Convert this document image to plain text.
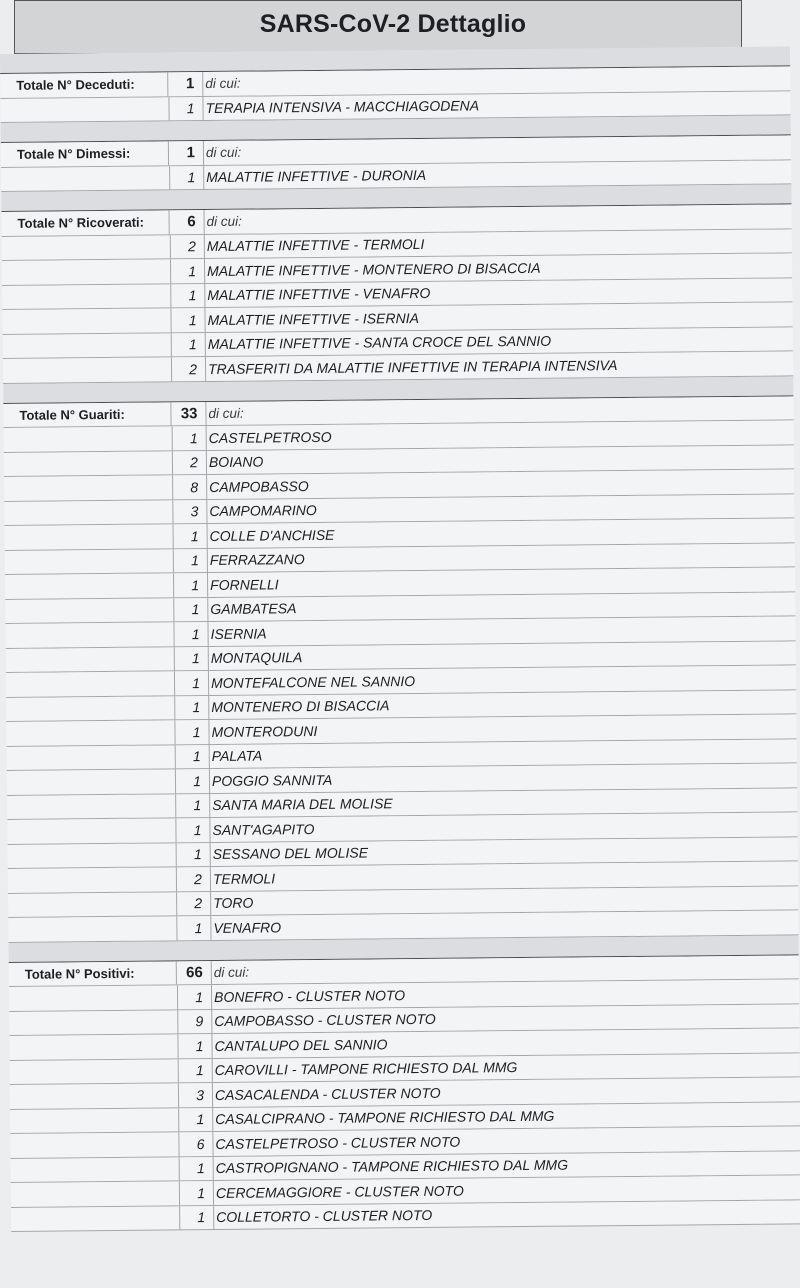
SARS-CoV-2 Dettaglio
Totale N° Deceduti:	1 di cui:
1 TERAPIA INTENSIVA - MACCHIAGODENA
Totale N° Dimessi:	1 di cui:
1 MALATTIE INFETTIVE - DURONIA
Totale N° Ricoverati:	6 di cui:
2 MALATTIE INFETTIVE - TERMOLI
1 MALATTIE INFETTIVE - MONTENERO DI BISACCIA
1 MALATTIE INFETTIVE - VENAFRO
1 MALATTIE INFETTIVE - ISERNIA
1 MALATTIE INFETTIVE - SANTA CROCE DEL SANNIO
2 TRASFERITI DA MALATTIE INFETTIVE IN TERAPIA INTENSIVA
Totale N° Guariti:	33 di cui:
1 CASTELPETROSO
2 BOIANO
8 CAMPOBASSO
3 CAMPOMARINO
1 COLLE D'ANCHISE
1 FERRAZZANO
1 FORNELLI
1 GAMBATESA
1 ISERNIA
1 MONTAQUILA
1 MONTEFALCONE NEL SANNIO
1 MONTENERO DI BISACCIA
1 MONTERODUNI
1 PALATA
1 POGGIO SANNITA
1 SANTA MARIA DEL MOLISE
1 SANT'AGAPITO
1 SESSANO DEL MOLISE
2 TERMOLI
2 TORO
1 VENAFRO
Totale N° Positivi:	66 di cui:
1 BONEFRO - CLUSTER NOTO
9 CAMPOBASSO - CLUSTER NOTO
1 CANTALUPO DEL SANNIO
1 CAROVILLI - TAMPONE RICHIESTO DAL MMG
3 CASACALENDA - CLUSTER NOTO
1 CASALCIPRANO - TAMPONE RICHIESTO DAL MMG
6 CASTELPETROSO - CLUSTER NOTO
1 CASTROPIGNANO - TAMPONE RICHIESTO DAL MMG
1 CERCEMAGGIORE - CLUSTER NOTO
1 COLLETORTO - CLUSTER NOTO
